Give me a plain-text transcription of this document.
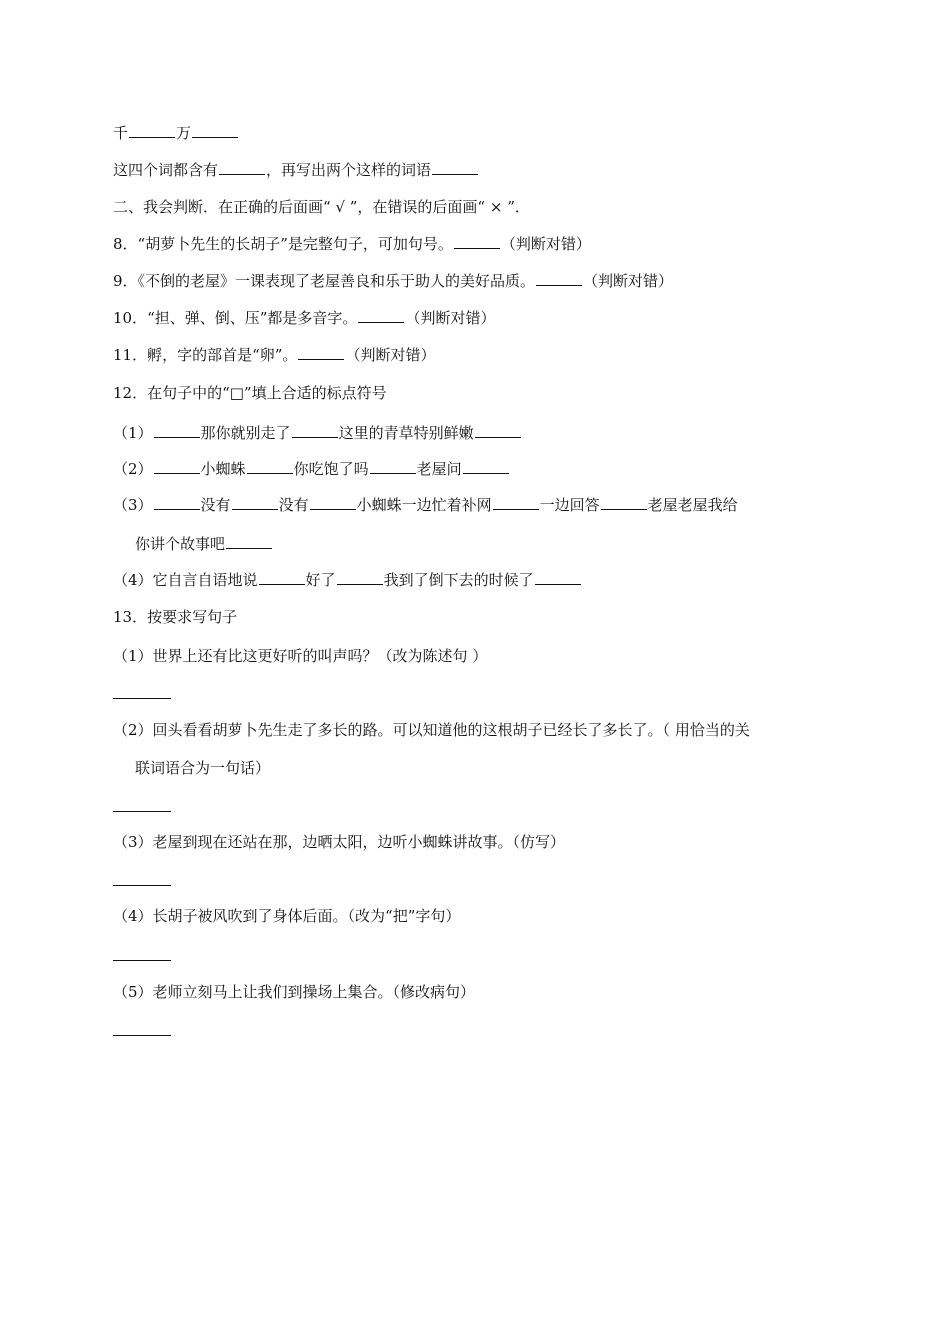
千	万
这四个词都含有	，再写出两个这样的词语
二、我会判断．在正确的后面画“ √ ”，在错误的后面画“ × ”．
8．“胡萝卜先生的长胡子”是完整句子，可加句号。	（判断对错）
9．《不倒的老屋》一课表现了老屋善良和乐于助人的美好品质。	（判断对错）
10．“担、弹、倒、压”都是多音字。	（判断对错）
11．孵，字的部首是“卵”。	（判断对错）
12．在句子中的“□”填上合适的标点符号
（1）	那你就别走了	这里的青草特别鲜嫩
（2）	小蜘蛛	你吃饱了吗	老屋问
（3）	没有	没有	小蜘蛛一边忙着补网	一边回答	老屋老屋我给
你讲个故事吧
（4）它自言自语地说	好了	我到了倒下去的时候了
13．按要求写句子
（1）世界上还有比这更好听的叫声吗？（改为陈述句 ）
（2）回头看看胡萝卜先生走了多长的路。可以知道他的这根胡子已经长了多长了。（ 用恰当的关
联词语合为一句话）
（3）老屋到现在还站在那，边晒太阳，边听小蜘蛛讲故事。（仿写）
（4）长胡子被风吹到了身体后面。（改为“把”字句）
（5）老师立刻马上让我们到操场上集合。（修改病句）
